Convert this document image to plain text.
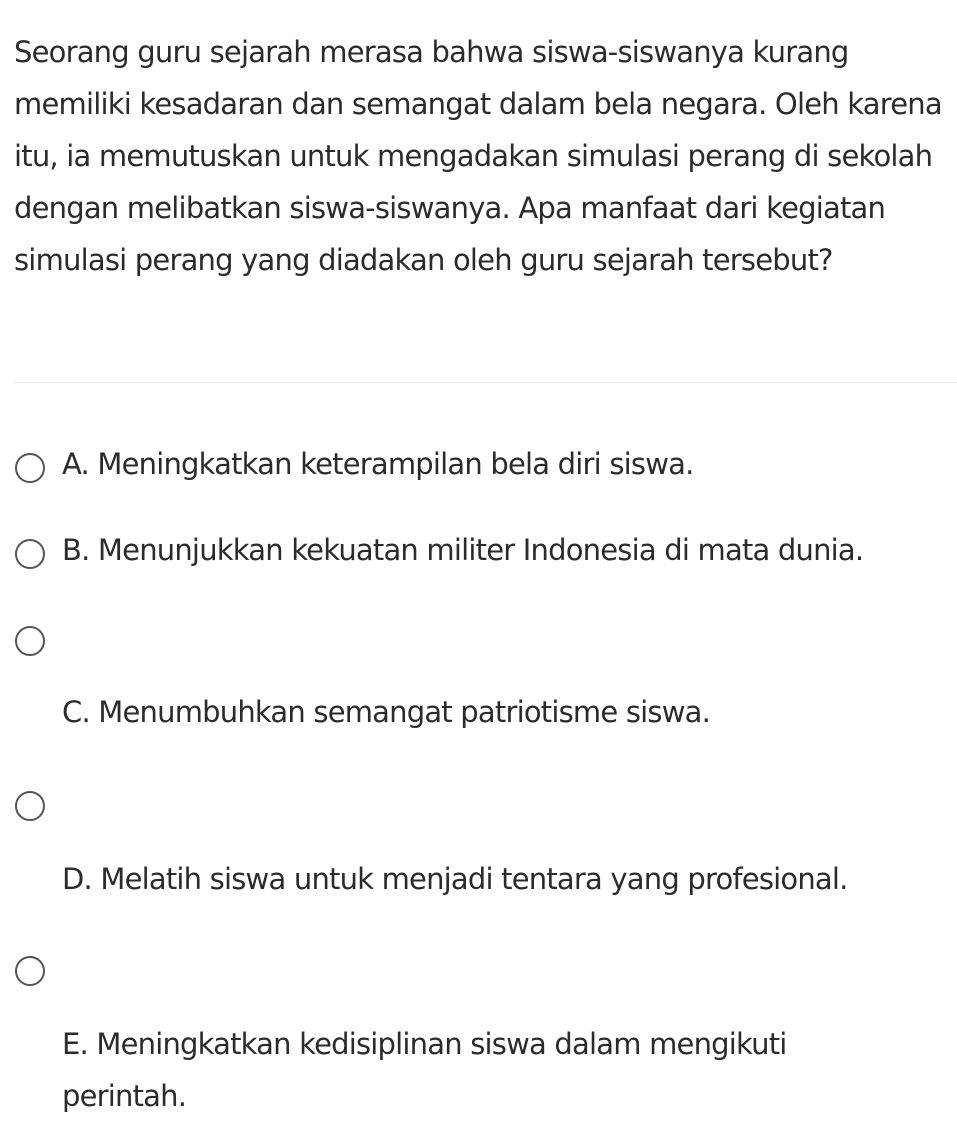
Seorang guru sejarah merasa bahwa siswa-siswanya kurang memiliki kesadaran dan semangat dalam bela negara. Oleh karena itu, ia memutuskan untuk mengadakan simulasi perang di sekolah dengan melibatkan siswa-siswanya. Apa manfaat dari kegiatan simulasi perang yang diadakan oleh guru sejarah tersebut?

A. Meningkatkan keterampilan bela diri siswa.
B. Menunjukkan kekuatan militer Indonesia di mata dunia.
C. Menumbuhkan semangat patriotisme siswa.
D. Melatih siswa untuk menjadi tentara yang profesional.
E. Meningkatkan kedisiplinan siswa dalam mengikuti perintah.
